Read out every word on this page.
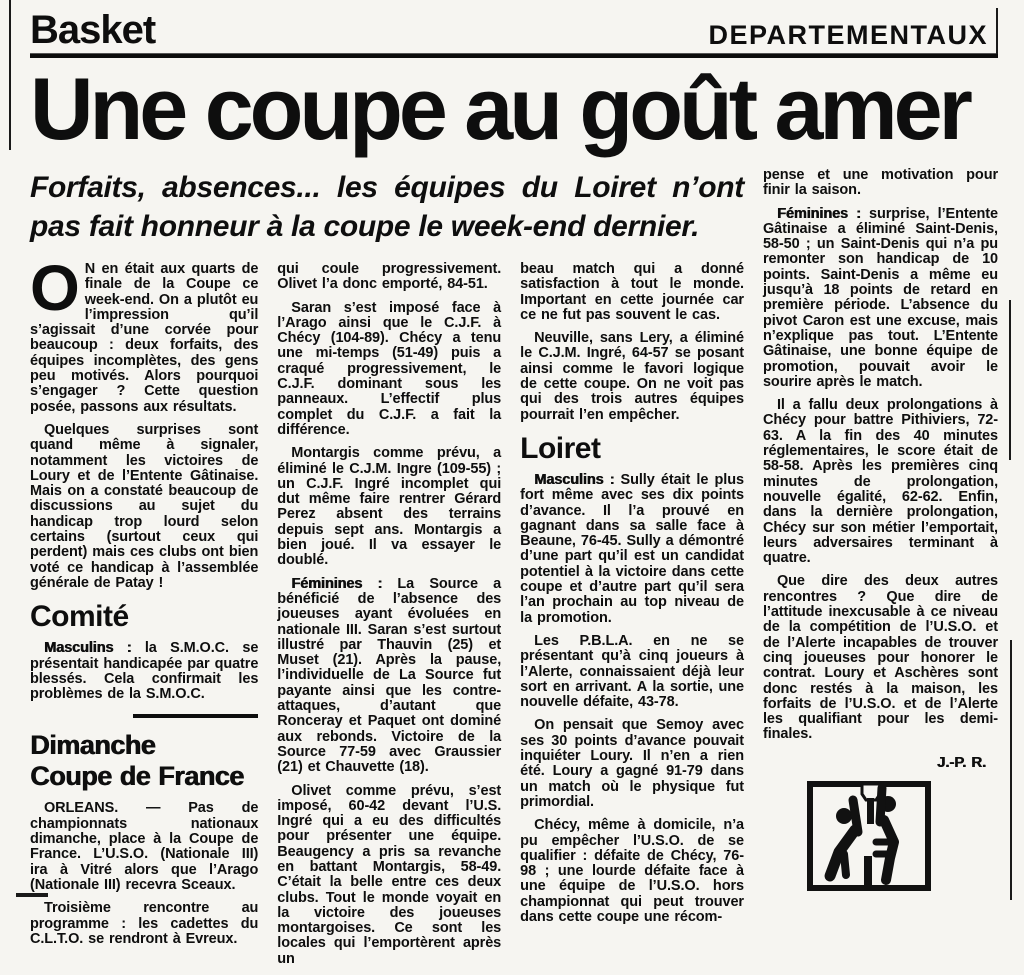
Basket	DEPARTEMENTAUX
Une coupe au goût amer

Forfaits, absences... les équipes du Loiret n’ont pas fait honneur à la coupe le week-end dernier.

O N en était aux quarts de finale de la Coupe ce week-end. On a plutôt eu l’impression qu’il s’agissait d’une corvée pour beaucoup : deux forfaits, des équipes incomplètes, des gens peu motivés. Alors pourquoi s’engager ? Cette question posée, passons aux résultats.

Quelques surprises sont quand même à signaler, notamment les victoires de Loury et de l’Entente Gâtinaise. Mais on a constaté beaucoup de discussions au sujet du handicap trop lourd selon certains (surtout ceux qui perdent) mais ces clubs ont bien voté ce handicap à l’assemblée générale de Patay !

Comité

Masculins : la S.M.O.C. se présentait handicapée par quatre blessés. Cela confirmait les problèmes de la S.M.O.C.

Dimanche
Coupe de France

ORLEANS. — Pas de championnats nationaux dimanche, place à la Coupe de France. L’U.S.O. (Nationale III) ira à Vitré alors que l’Arago (Nationale III) recevra Sceaux.

Troisième rencontre au programme : les cadettes du C.L.T.O. se rendront à Evreux.

qui coule progressivement. Olivet l’a donc emporté, 84-51.

Saran s’est imposé face à l’Arago ainsi que le C.J.F. à Chécy (104-89). Chécy a tenu une mi-temps (51-49) puis a craqué progressivement, le C.J.F. dominant sous les panneaux. L’effectif plus complet du C.J.F. a fait la différence.

Montargis comme prévu, a éliminé le C.J.M. Ingre (109-55) ; un C.J.F. Ingré incomplet qui dut même faire rentrer Gérard Perez absent des terrains depuis sept ans. Montargis a bien joué. Il va essayer le doublé.

Féminines : La Source a bénéficié de l’absence des joueuses ayant évoluées en nationale III. Saran s’est surtout illustré par Thauvin (25) et Muset (21). Après la pause, l’individuelle de La Source fut payante ainsi que les contre-attaques, d’autant que Ronceray et Paquet ont dominé aux rebonds. Victoire de la Source 77-59 avec Graussier (21) et Chauvette (18).

Olivet comme prévu, s’est imposé, 60-42 devant l’U.S. Ingré qui a eu des difficultés pour présenter une équipe. Beaugency a pris sa revanche en battant Montargis, 58-49. C’était la belle entre ces deux clubs. Tout le monde voyait en la victoire des joueuses montargoises. Ce sont les locales qui l’emportèrent après un

beau match qui a donné satisfaction à tout le monde. Important en cette journée car ce ne fut pas souvent le cas.

Neuville, sans Lery, a éliminé le C.J.M. Ingré, 64-57 se posant ainsi comme le favori logique de cette coupe. On ne voit pas qui des trois autres équipes pourrait l’en empêcher.

Loiret

Masculins : Sully était le plus fort même avec ses dix points d’avance. Il l’a prouvé en gagnant dans sa salle face à Beaune, 76-45. Sully a démontré d’une part qu’il est un candidat potentiel à la victoire dans cette coupe et d’autre part qu’il sera l’an prochain au top niveau de la promotion.

Les P.B.L.A. en ne se présentant qu’à cinq joueurs à l’Alerte, connaissaient déjà leur sort en arrivant. A la sortie, une nouvelle défaite, 43-78.

On pensait que Semoy avec ses 30 points d’avance pouvait inquiéter Loury. Il n’en a rien été. Loury a gagné 91-79 dans un match où le physique fut primordial.

Chécy, même à domicile, n’a pu empêcher l’U.S.O. de se qualifier : défaite de Chécy, 76-98 ; une lourde défaite face à une équipe de l’U.S.O. hors championnat qui peut trouver dans cette coupe une récom-

pense et une motivation pour finir la saison.

Féminines : surprise, l’Entente Gâtinaise a éliminé Saint-Denis, 58-50 ; un Saint-Denis qui n’a pu remonter son handicap de 10 points. Saint-Denis a même eu jusqu’à 18 points de retard en première période. L’absence du pivot Caron est une excuse, mais n’explique pas tout. L’Entente Gâtinaise, une bonne équipe de promotion, pouvait avoir le sourire après le match.

Il a fallu deux prolongations à Chécy pour battre Pithiviers, 72-63. A la fin des 40 minutes réglementaires, le score était de 58-58. Après les premières cinq minutes de prolongation, nouvelle égalité, 62-62. Enfin, dans la dernière prolongation, Chécy sur son métier l’emportait, leurs adversaires terminant à quatre.

Que dire des deux autres rencontres ? Que dire de l’attitude inexcusable à ce niveau de la compétition de l’U.S.O. et de l’Alerte incapables de trouver cinq joueuses pour honorer le contrat. Loury et Aschères sont donc restés à la maison, les forfaits de l’U.S.O. et de l’Alerte les qualifiant pour les demi-finales.

J.-P. R.
